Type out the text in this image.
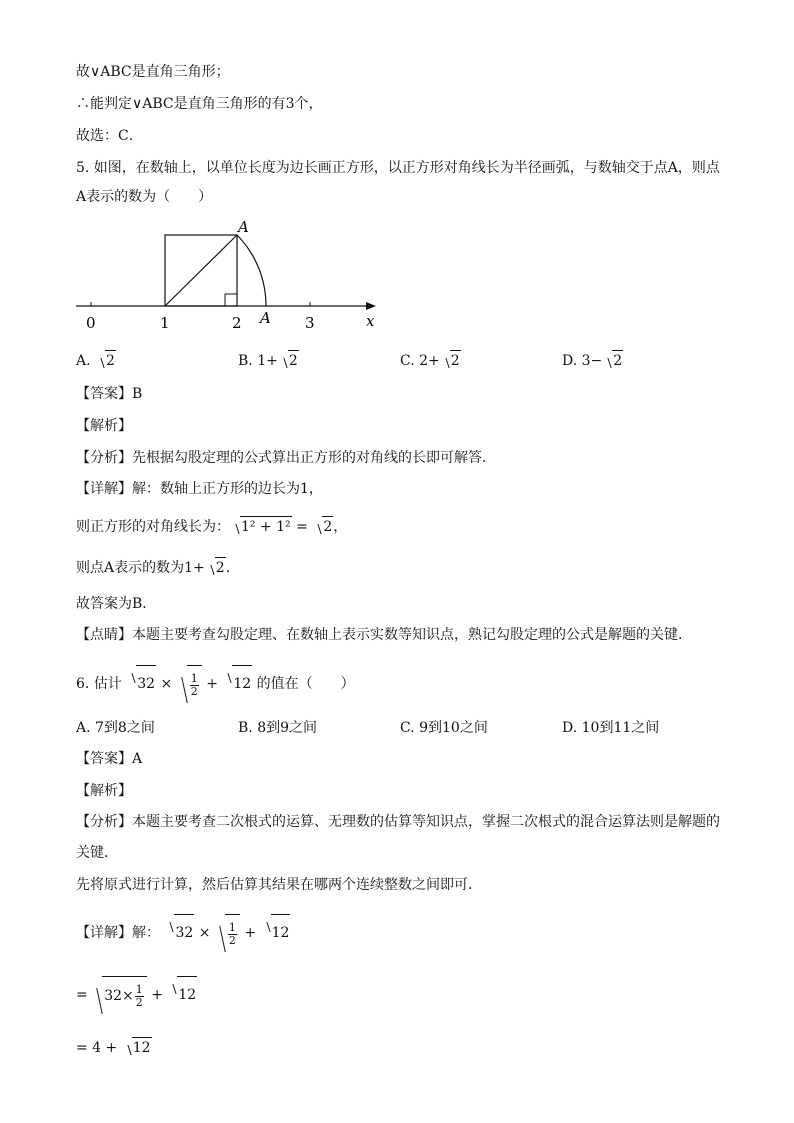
故∨ABC是直角三角形；
∴能判定∨ABC是直角三角形的有3个，
故选：C．
5. 如图，在数轴上，以单位长度为边长画正方形，以正方形对角线长为半径画弧，与数轴交于点A，则点
A表示的数为（　　）
A
A
0	1	2	3	x
A. 2	B. 1+ 2	C. 2+ 2	D. 3− 2
【答案】B
【解析】
【分析】先根据勾股定理的公式算出正方形的对角线的长即可解答．
【详解】解：数轴上正方形的边长为1，
则正方形的对角线长为： 1² + 1² = 2，
则点A表示的数为1+ 2．
故答案为B．
【点睛】本题主要考查勾股定理、在数轴上表示实数等知识点，熟记勾股定理的公式是解题的关键．
6. 估计 $32 \times \frac{1}{2} + 12$ 的值在（　　）
A. 7到8之间	B. 8到9之间	C. 9到10之间	D. 10到11之间
【答案】A
【解析】
【分析】本题主要考查二次根式的运算、无理数的估算等知识点，掌握二次根式的混合运算法则是解题的
关键．
先将原式进行计算，然后估算其结果在哪两个连续整数之间即可．
【详解】解： $32 \times \frac{1}{2} + 12$
= $32\times \frac{1}{2} + 12$
= 4 + 12
